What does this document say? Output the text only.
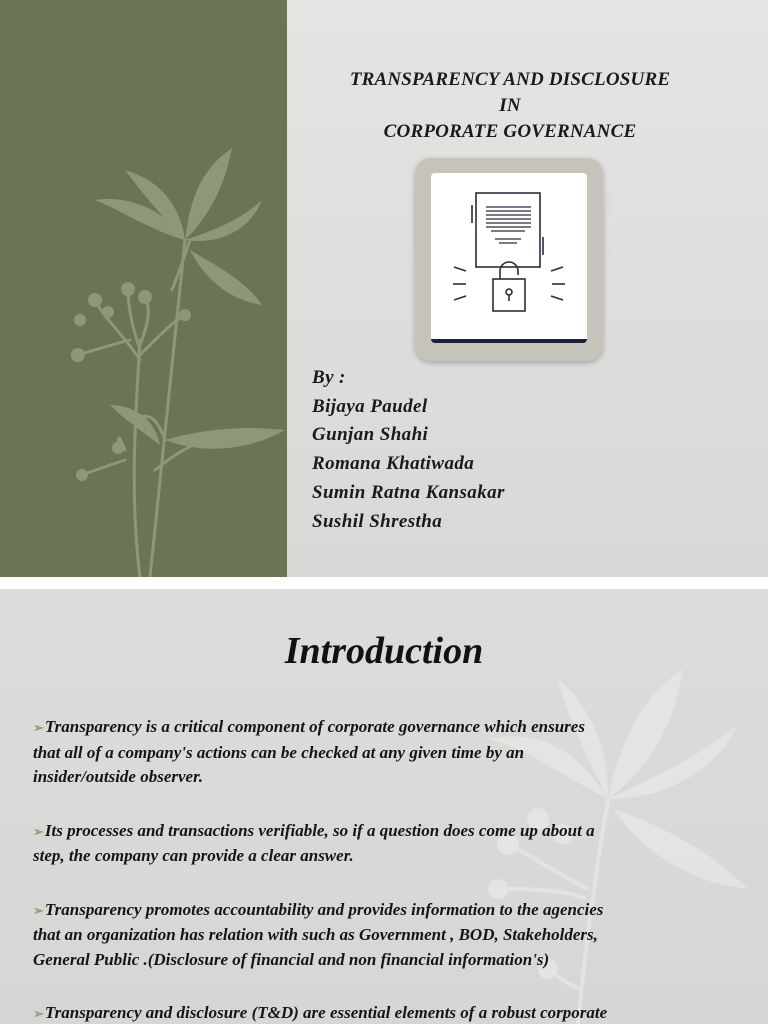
TRANSPARENCY AND DISCLOSURE
IN
CORPORATE GOVERNANCE
By :
Bijaya Paudel
Gunjan Shahi
Romana Khatiwada
Sumin Ratna Kansakar
Sushil Shrestha
Introduction
➢Transparency is a critical component of corporate governance which ensures
that all of a company's actions can be checked at any given time by an
insider/outside observer.
➢Its processes and transactions verifiable, so if a question does come up about a
step, the company can provide a clear answer.
➢Transparency promotes accountability and provides information to the agencies
that an organization has relation with such as Government , BOD, Stakeholders,
General Public .(Disclosure of financial and non financial information's)
➢Transparency and disclosure (T&D) are essential elements of a robust corporate
